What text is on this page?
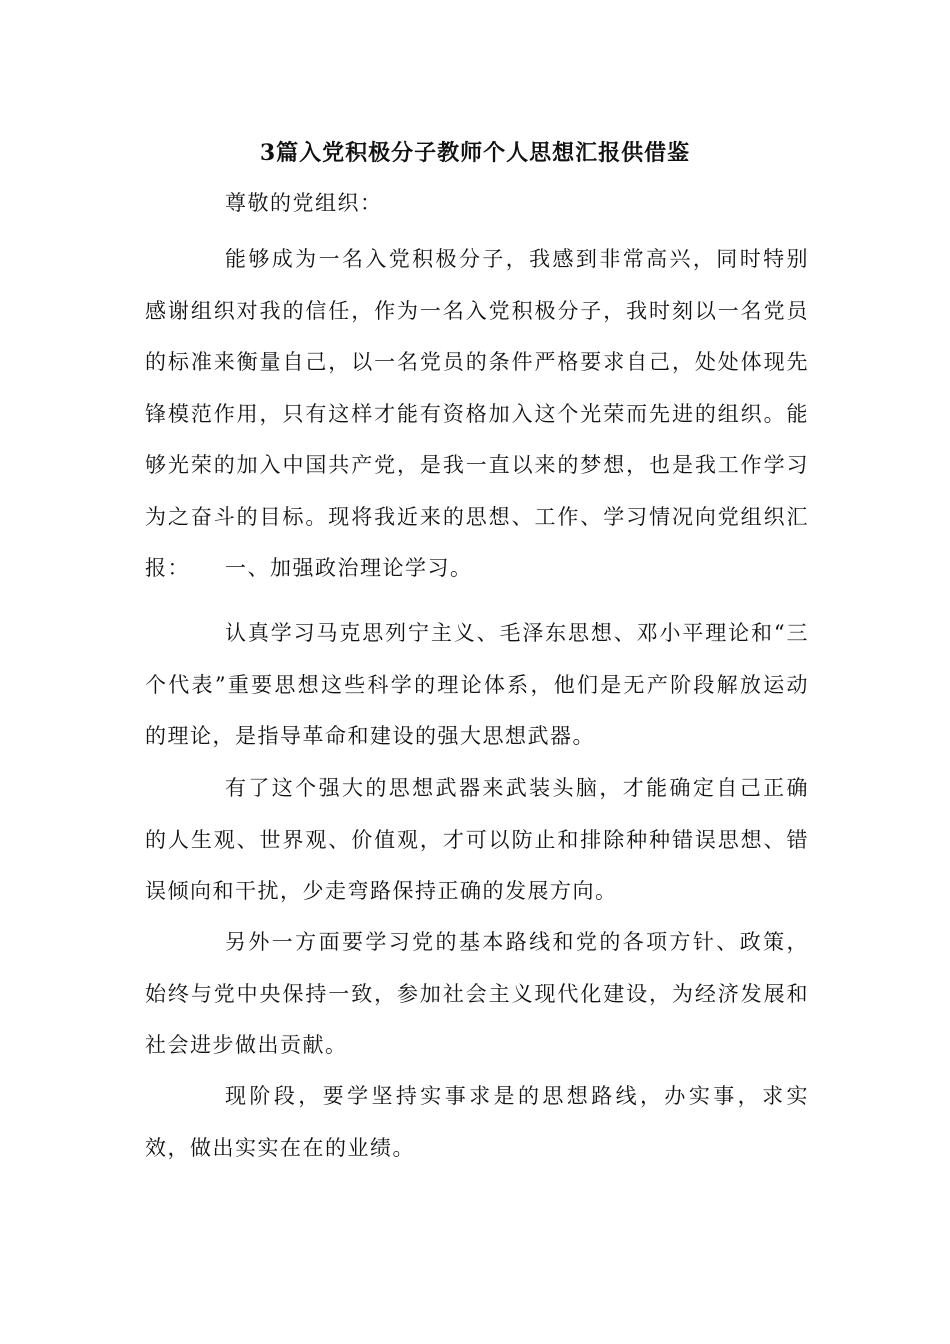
3篇入党积极分子教师个人思想汇报供借鉴

尊敬的党组织：

能够成为一名入党积极分子，我感到非常高兴，同时特别感谢组织对我的信任，作为一名入党积极分子，我时刻以一名党员的标准来衡量自己，以一名党员的条件严格要求自己，处处体现先锋模范作用，只有这样才能有资格加入这个光荣而先进的组织。能够光荣的加入中国共产党，是我一直以来的梦想，也是我工作学习为之奋斗的目标。现将我近来的思想、工作、学习情况向党组织汇报：	一、加强政治理论学习。

认真学习马克思列宁主义、毛泽东思想、邓小平理论和“三个代表”重要思想这些科学的理论体系，他们是无产阶段解放运动的理论，是指导革命和建设的强大思想武器。

有了这个强大的思想武器来武装头脑，才能确定自己正确的人生观、世界观、价值观，才可以防止和排除种种错误思想、错误倾向和干扰，少走弯路保持正确的发展方向。

另外一方面要学习党的基本路线和党的各项方针、政策，始终与党中央保持一致，参加社会主义现代化建设，为经济发展和社会进步做出贡献。

现阶段，要学坚持实事求是的思想路线，办实事，求实效，做出实实在在的业绩。
